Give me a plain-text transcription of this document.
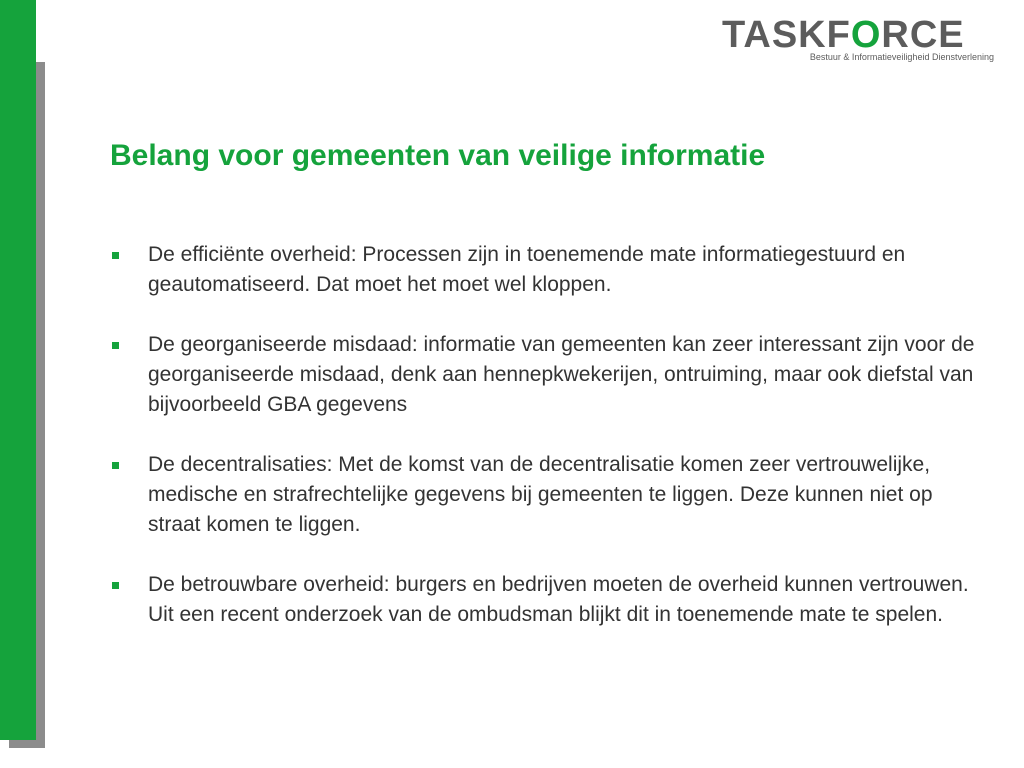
TASKFORCE
Bestuur & Informatieveiligheid Dienstverlening
Belang voor gemeenten van veilige informatie
De efficiënte overheid: Processen zijn in toenemende mate informatiegestuurd en geautomatiseerd. Dat moet het moet wel kloppen.
De georganiseerde misdaad: informatie van gemeenten kan zeer interessant zijn voor de georganiseerde misdaad, denk aan hennepkwekerijen, ontruiming, maar ook diefstal van bijvoorbeeld GBA gegevens
De decentralisaties: Met de komst van de decentralisatie komen zeer vertrouwelijke, medische en strafrechtelijke gegevens bij gemeenten te liggen. Deze kunnen niet op straat komen te liggen.
De betrouwbare overheid: burgers en bedrijven moeten de overheid kunnen vertrouwen. Uit een recent onderzoek van de ombudsman blijkt dit in toenemende mate te spelen.
